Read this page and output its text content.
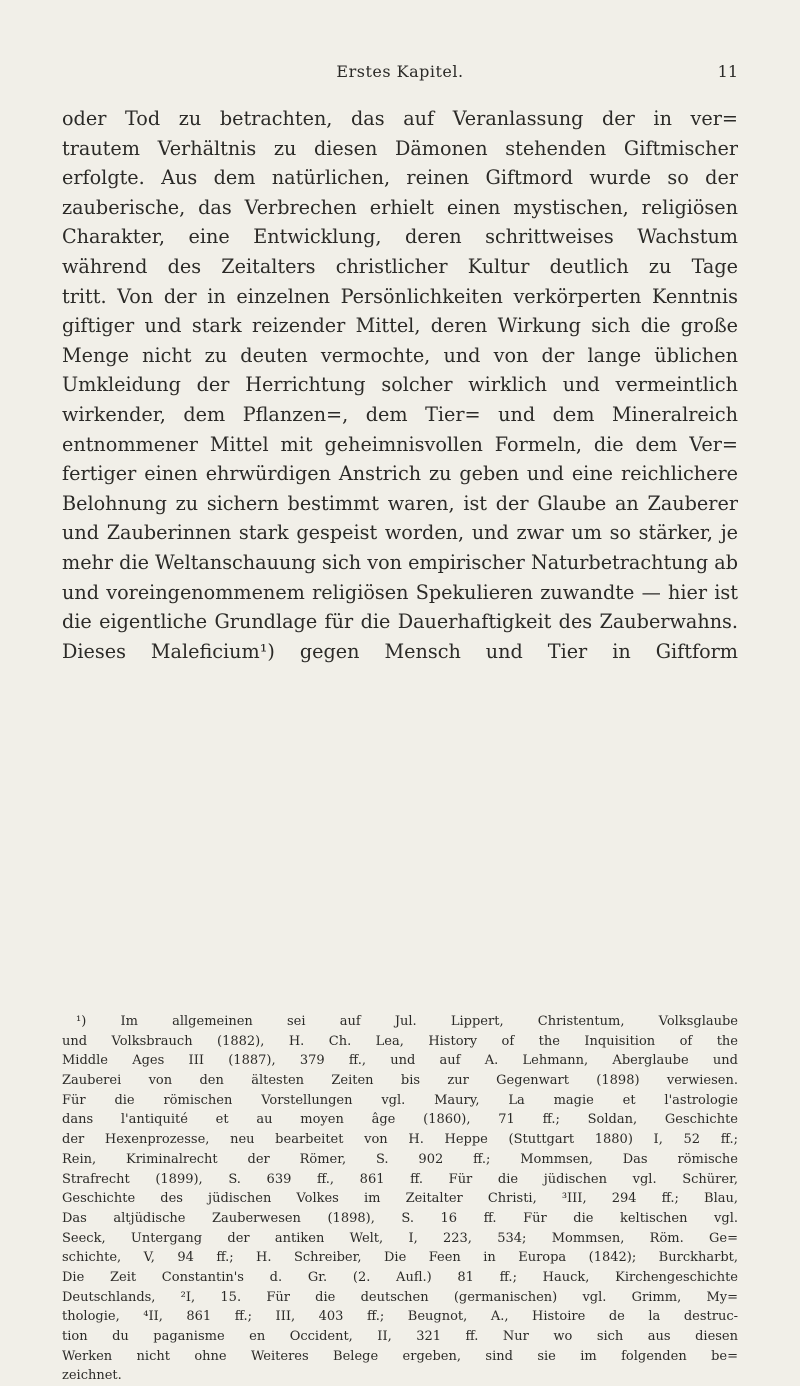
Erstes Kapitel.	11
oder Tod zu betrachten, das auf Veranlassung der in ver=
trautem Verhältnis zu diesen Dämonen stehenden Giftmischer
erfolgte. Aus dem natürlichen, reinen Giftmord wurde so der
zauberische, das Verbrechen erhielt einen mystischen, religiösen
Charakter, eine Entwicklung, deren schrittweises Wachstum
während des Zeitalters christlicher Kultur deutlich zu Tage
tritt. Von der in einzelnen Persönlichkeiten verkörperten Kenntnis
giftiger und stark reizender Mittel, deren Wirkung sich die große
Menge nicht zu deuten vermochte, und von der lange üblichen
Umkleidung der Herrichtung solcher wirklich und vermeintlich
wirkender, dem Pflanzen=, dem Tier= und dem Mineralreich
entnommener Mittel mit geheimnisvollen Formeln, die dem Ver=
fertiger einen ehrwürdigen Anstrich zu geben und eine reichlichere
Belohnung zu sichern bestimmt waren, ist der Glaube an Zauberer
und Zauberinnen stark gespeist worden, und zwar um so stärker, je
mehr die Weltanschauung sich von empirischer Naturbetrachtung ab
und voreingenommenem religiösen Spekulieren zuwandte — hier ist
die eigentliche Grundlage für die Dauerhaftigkeit des Zauberwahns.
Dieses Maleficium¹) gegen Mensch und Tier in Giftform
¹) Im allgemeinen sei auf Jul. Lippert, Christentum, Volksglaube
und Volksbrauch (1882), H. Ch. Lea, History of the Inquisition of the
Middle Ages III (1887), 379 ff., und auf A. Lehmann, Aberglaube und
Zauberei von den ältesten Zeiten bis zur Gegenwart (1898) verwiesen.
Für die römischen Vorstellungen vgl. Maury, La magie et l'astrologie
dans l'antiquité et au moyen âge (1860), 71 ff.; Soldan, Geschichte
der Hexenprozesse, neu bearbeitet von H. Heppe (Stuttgart 1880) I, 52 ff.;
Rein, Kriminalrecht der Römer, S. 902 ff.; Mommsen, Das römische
Strafrecht (1899), S. 639 ff., 861 ff. Für die jüdischen vgl. Schürer,
Geschichte des jüdischen Volkes im Zeitalter Christi, ³III, 294 ff.; Blau,
Das altjüdische Zauberwesen (1898), S. 16 ff. Für die keltischen vgl.
Seeck, Untergang der antiken Welt, I, 223, 534; Mommsen, Röm. Ge=
schichte, V, 94 ff.; H. Schreiber, Die Feen in Europa (1842); Burckharbt,
Die Zeit Constantin's d. Gr. (2. Aufl.) 81 ff.; Hauck, Kirchengeschichte
Deutschlands, ²I, 15. Für die deutschen (germanischen) vgl. Grimm, My=
thologie, ⁴II, 861 ff.; III, 403 ff.; Beugnot, A., Histoire de la destruc-
tion du paganisme en Occident, II, 321 ff. Nur wo sich aus diesen
Werken nicht ohne Weiteres Belege ergeben, sind sie im folgenden be=
zeichnet.
